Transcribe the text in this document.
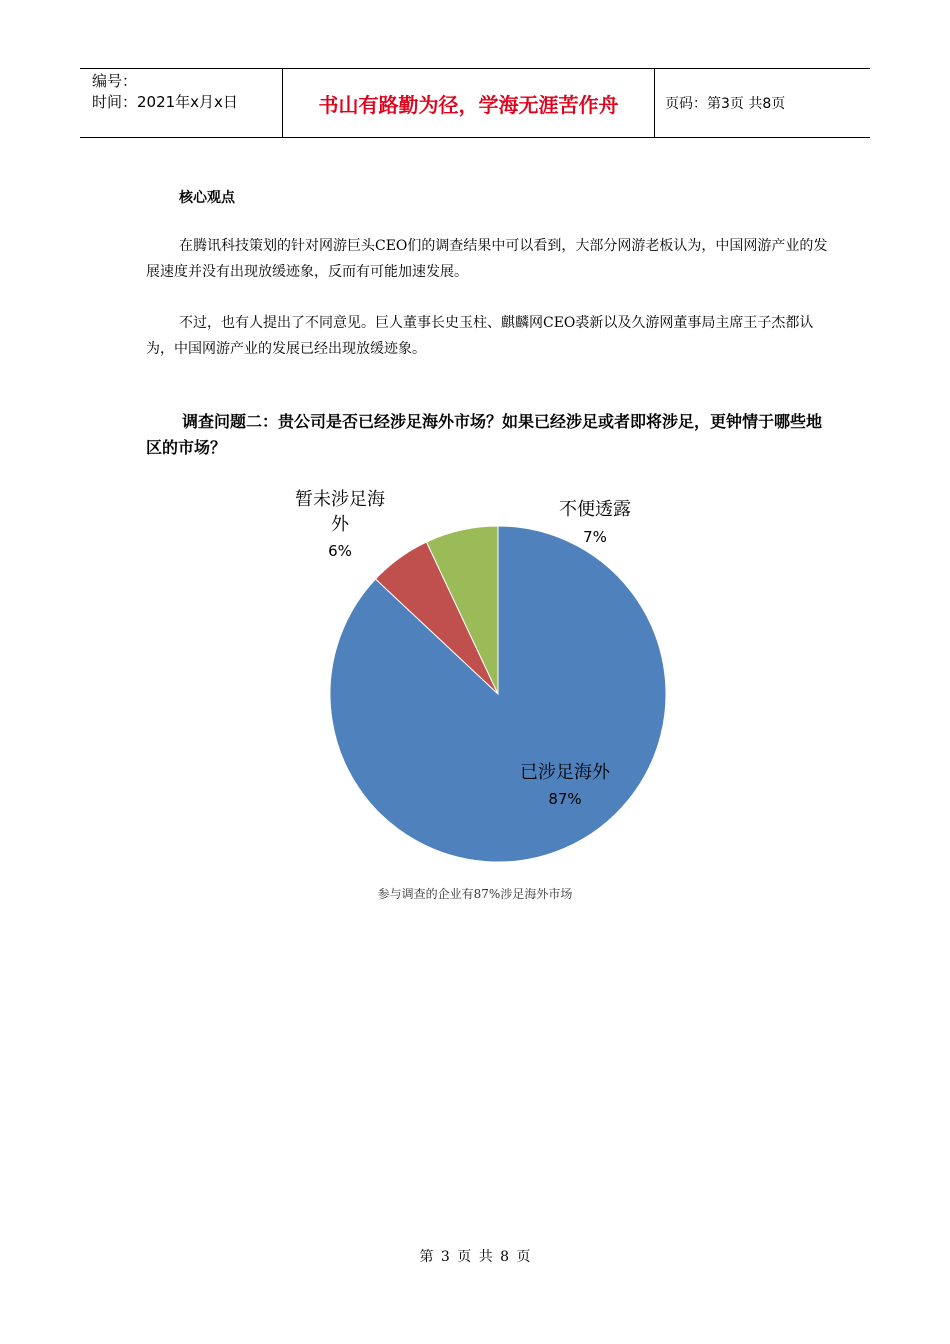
编号：
时间：2021年x月x日	书山有路勤为径，学海无涯苦作舟	页码：第3页 共8页
核心观点
在腾讯科技策划的针对网游巨头CEO们的调查结果中可以看到，大部分网游老板认为，中国网游产业的发展速度并没有出现放缓迹象，反而有可能加速发展。
不过，也有人提出了不同意见。巨人董事长史玉柱、麒麟网CEO裘新以及久游网董事局主席王子杰都认为，中国网游产业的发展已经出现放缓迹象。
调查问题二：贵公司是否已经涉足海外市场？如果已经涉足或者即将涉足，更钟情于哪些地区的市场？
已涉足海外
87%
暂未涉足海
外
6%
不便透露
7%
参与调查的企业有87%涉足海外市场
第 3 页 共 8 页
